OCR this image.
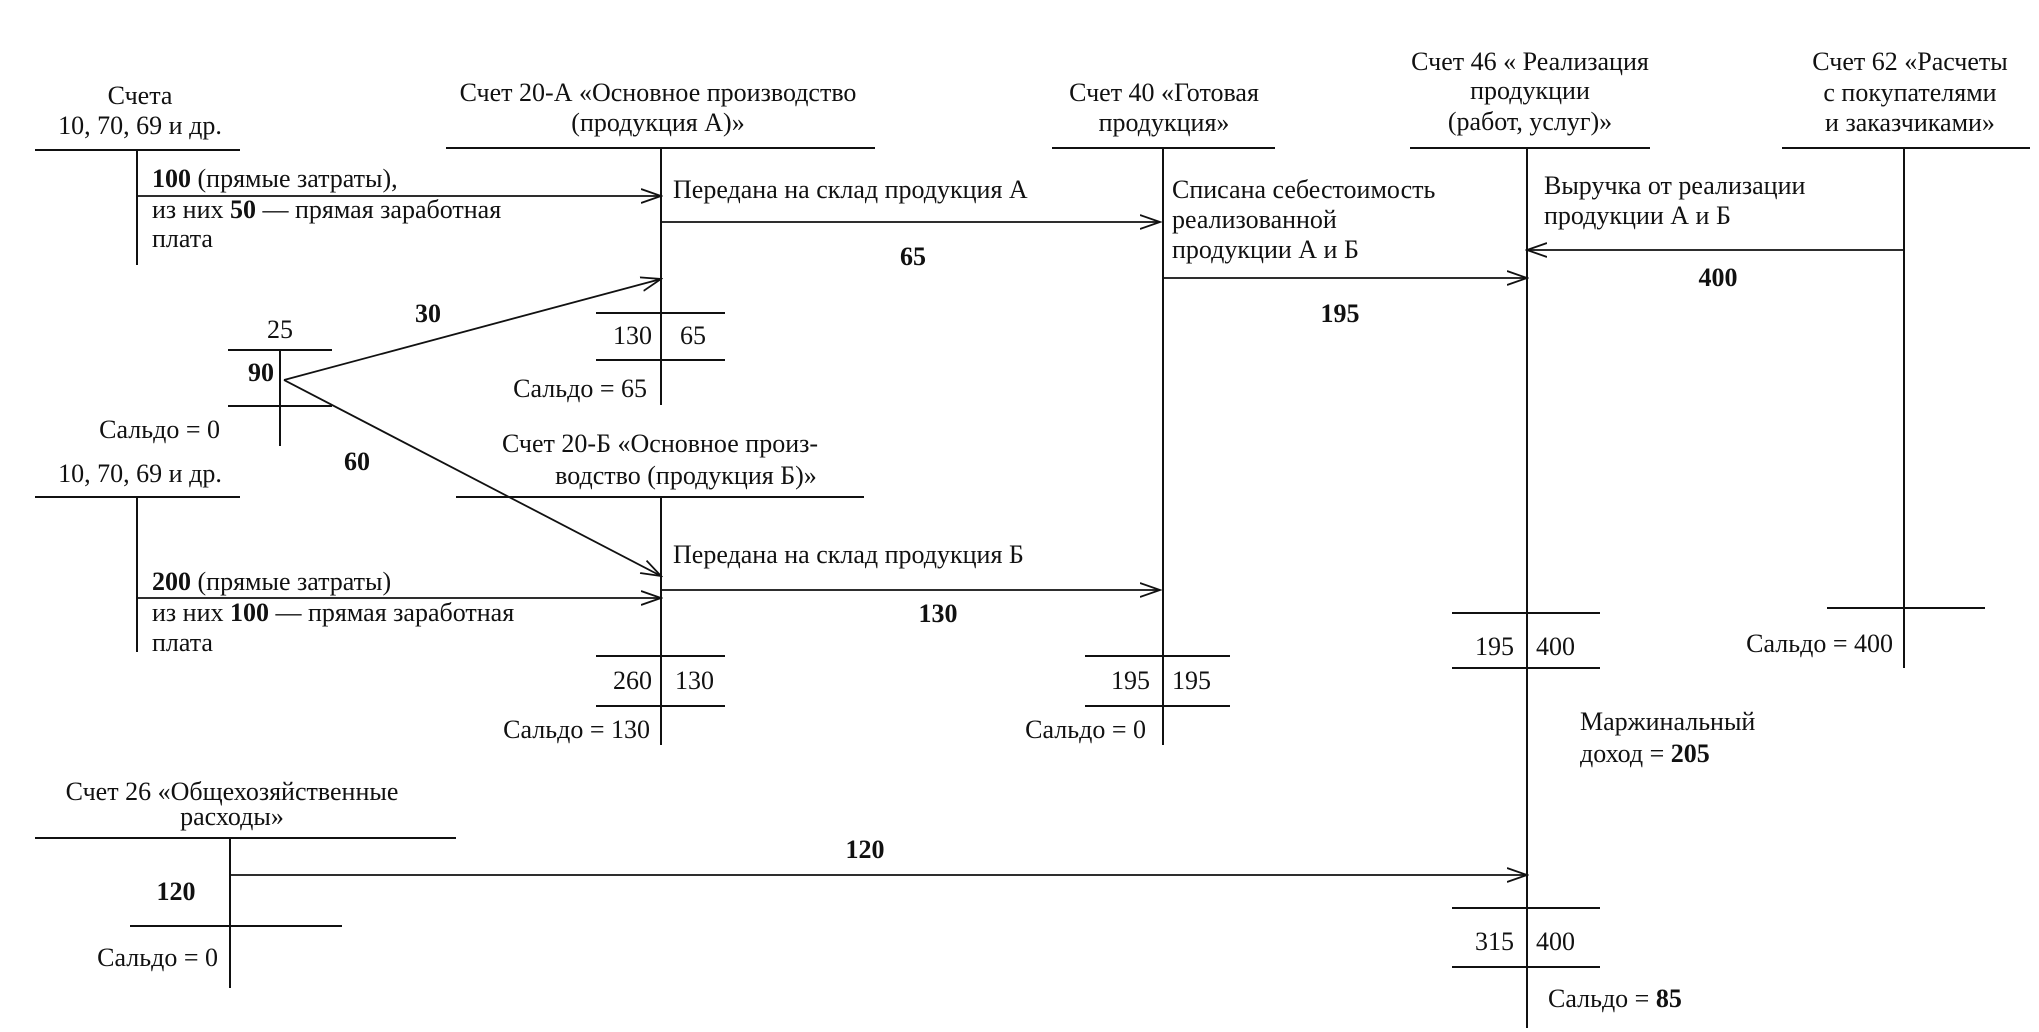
Счета
10, 70, 69 и др.
100 (прямые затраты),
из них 50 — прямая заработная
плата
Счет 20-А «Основное производство
(продукция А)»
130 65
Сальдо = 65
Передана на склад продукция А
65
25
90
Сальдо = 0
30
60
10, 70, 69 и др.
200 (прямые затраты)
из них 100 — прямая заработная
плата
Счет 20-Б «Основное произ-
водство (продукция Б)»
260 130
Сальдо = 130
Передана на склад продукция Б
130
Счет 40 «Готовая
продукция»
195 195
Сальдо = 0
Списана себестоимость
реализованной
продукции А и Б
195
Счет 46 « Реализация
продукции
(работ, услуг)»
195 400
Маржинальный
доход = 205
315 400
Сальдо = 85
Счет 62 «Расчеты
с покупателями
и заказчиками»
Сальдо = 400
Выручка от реализации
продукции А и Б
400
Счет 26 «Общехозяйственные
расходы»
120
Сальдо = 0
120
